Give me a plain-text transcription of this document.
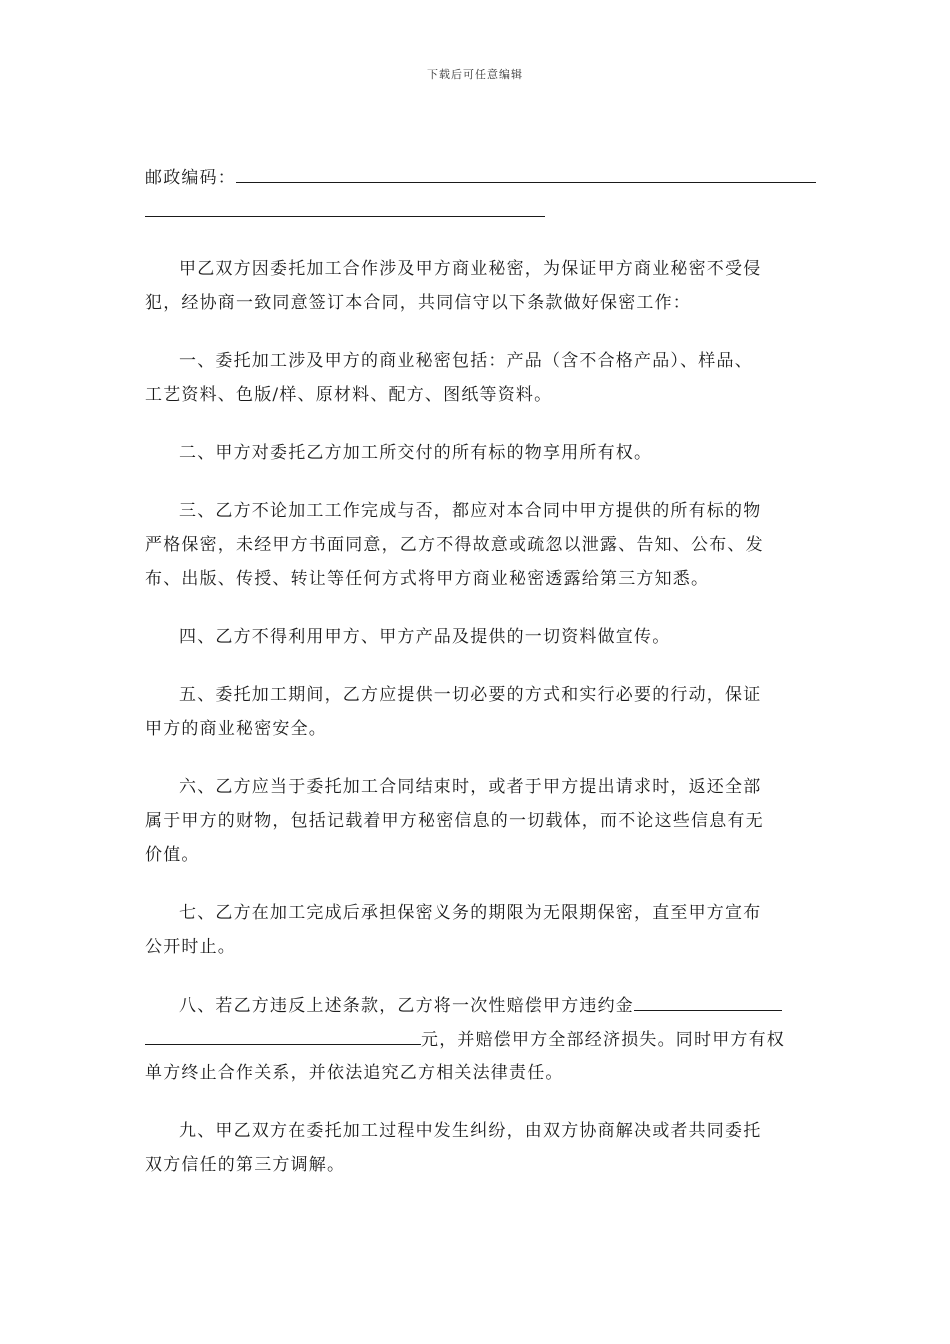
下载后可任意编辑
邮政编码：
甲乙双方因委托加工合作涉及甲方商业秘密，为保证甲方商业秘密不受侵
犯，经协商一致同意签订本合同，共同信守以下条款做好保密工作：
一、委托加工涉及甲方的商业秘密包括：产品（含不合格产品）、样品、
工艺资料、色版/样、原材料、配方、图纸等资料。
二、甲方对委托乙方加工所交付的所有标的物享用所有权。
三、乙方不论加工工作完成与否，都应对本合同中甲方提供的所有标的物
严格保密，未经甲方书面同意，乙方不得故意或疏忽以泄露、告知、公布、发
布、出版、传授、转让等任何方式将甲方商业秘密透露给第三方知悉。
四、乙方不得利用甲方、甲方产品及提供的一切资料做宣传。
五、委托加工期间，乙方应提供一切必要的方式和实行必要的行动，保证
甲方的商业秘密安全。
六、乙方应当于委托加工合同结束时，或者于甲方提出请求时，返还全部
属于甲方的财物，包括记载着甲方秘密信息的一切载体，而不论这些信息有无
价值。
七、乙方在加工完成后承担保密义务的期限为无限期保密，直至甲方宣布
公开时止。
八、若乙方违反上述条款，乙方将一次性赔偿甲方违约金
元，并赔偿甲方全部经济损失。同时甲方有权
单方终止合作关系，并依法追究乙方相关法律责任。
九、甲乙双方在委托加工过程中发生纠纷，由双方协商解决或者共同委托
双方信任的第三方调解。
